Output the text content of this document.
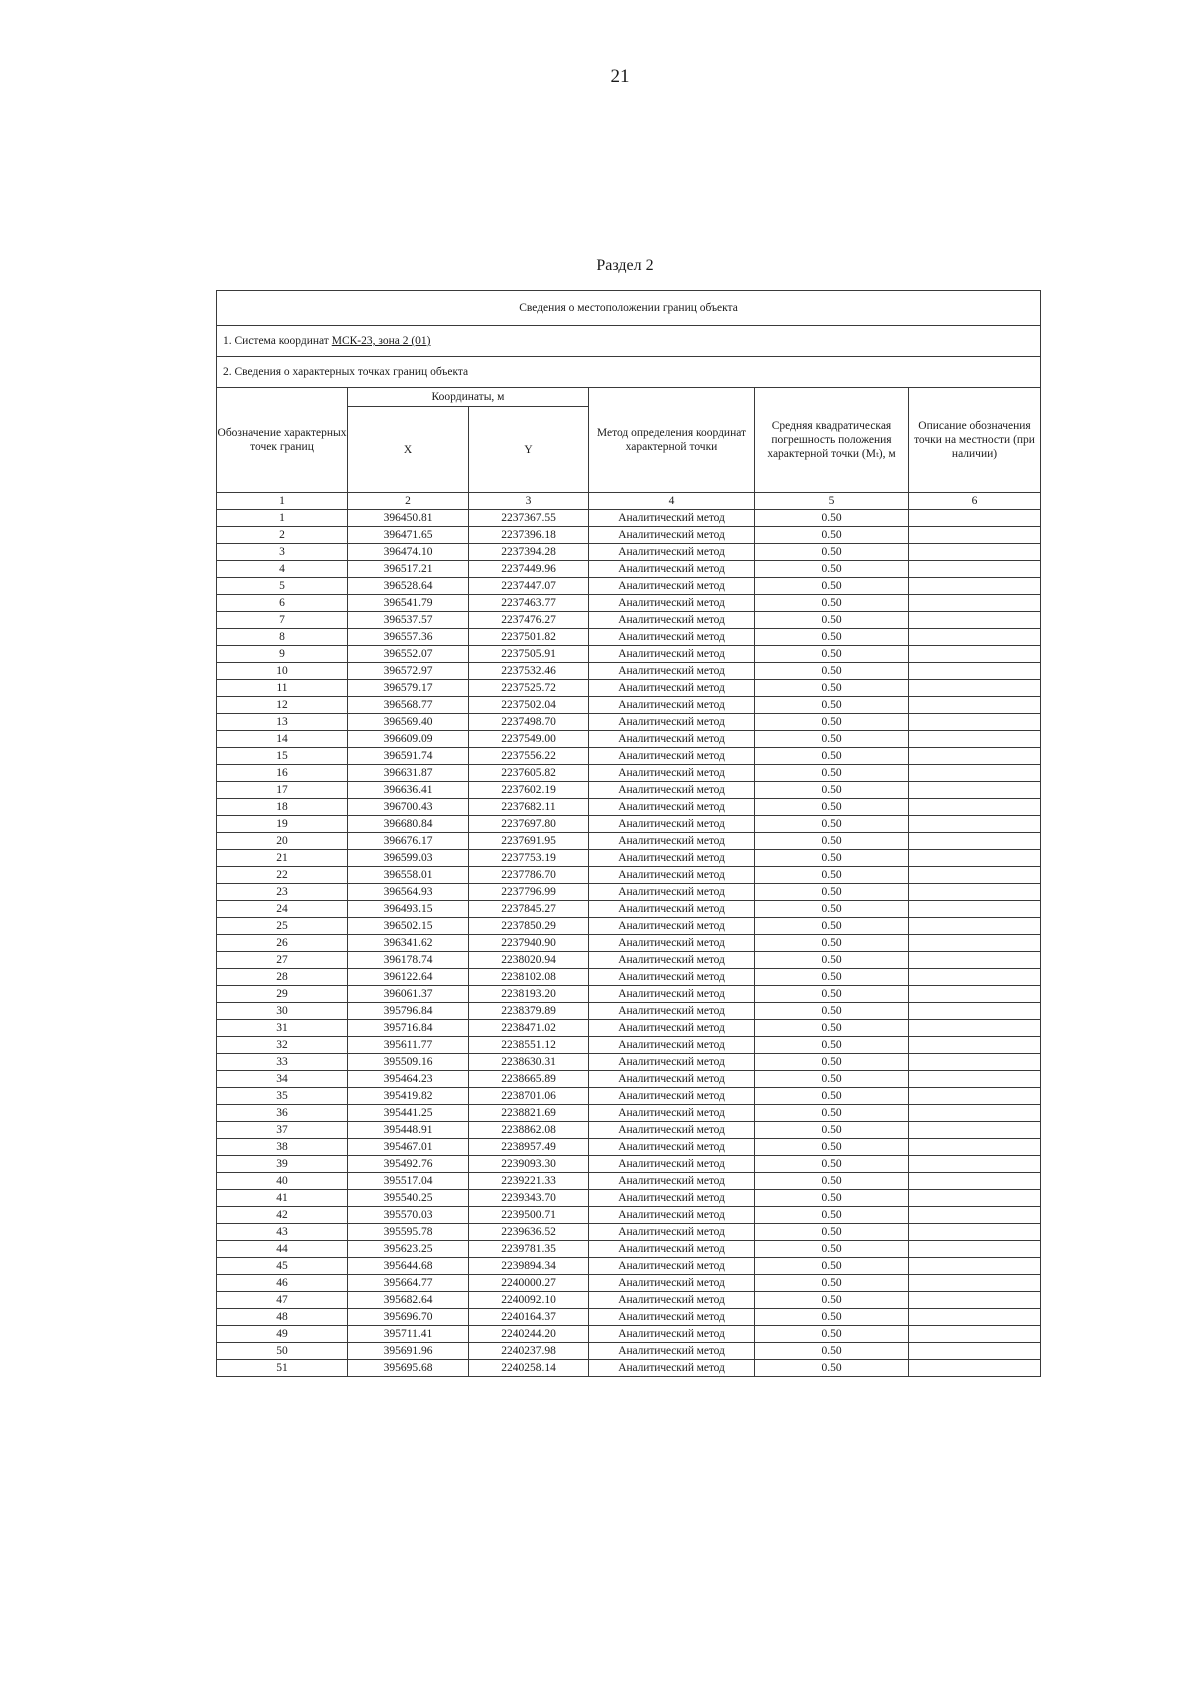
21
Раздел 2
Сведения о местоположении границ объекта					
1. Система координат МСК-23, зона 2 (01)					
2. Сведения о характерных точках границ объекта					
Обозначение характерных точек границ	Координаты, м		Метод определения координат характерной точки	Средняя квадратическая погрешность положения характерной точки (Mₜ), м	Описание обозначения точки на местности (при наличии)
	X	Y			
1	2	3	4	5	6
1	396450.81	2237367.55	Аналитический метод	0.50	
2	396471.65	2237396.18	Аналитический метод	0.50	
3	396474.10	2237394.28	Аналитический метод	0.50	
4	396517.21	2237449.96	Аналитический метод	0.50	
5	396528.64	2237447.07	Аналитический метод	0.50	
6	396541.79	2237463.77	Аналитический метод	0.50	
7	396537.57	2237476.27	Аналитический метод	0.50	
8	396557.36	2237501.82	Аналитический метод	0.50	
9	396552.07	2237505.91	Аналитический метод	0.50	
10	396572.97	2237532.46	Аналитический метод	0.50	
11	396579.17	2237525.72	Аналитический метод	0.50	
12	396568.77	2237502.04	Аналитический метод	0.50	
13	396569.40	2237498.70	Аналитический метод	0.50	
14	396609.09	2237549.00	Аналитический метод	0.50	
15	396591.74	2237556.22	Аналитический метод	0.50	
16	396631.87	2237605.82	Аналитический метод	0.50	
17	396636.41	2237602.19	Аналитический метод	0.50	
18	396700.43	2237682.11	Аналитический метод	0.50	
19	396680.84	2237697.80	Аналитический метод	0.50	
20	396676.17	2237691.95	Аналитический метод	0.50	
21	396599.03	2237753.19	Аналитический метод	0.50	
22	396558.01	2237786.70	Аналитический метод	0.50	
23	396564.93	2237796.99	Аналитический метод	0.50	
24	396493.15	2237845.27	Аналитический метод	0.50	
25	396502.15	2237850.29	Аналитический метод	0.50	
26	396341.62	2237940.90	Аналитический метод	0.50	
27	396178.74	2238020.94	Аналитический метод	0.50	
28	396122.64	2238102.08	Аналитический метод	0.50	
29	396061.37	2238193.20	Аналитический метод	0.50	
30	395796.84	2238379.89	Аналитический метод	0.50	
31	395716.84	2238471.02	Аналитический метод	0.50	
32	395611.77	2238551.12	Аналитический метод	0.50	
33	395509.16	2238630.31	Аналитический метод	0.50	
34	395464.23	2238665.89	Аналитический метод	0.50	
35	395419.82	2238701.06	Аналитический метод	0.50	
36	395441.25	2238821.69	Аналитический метод	0.50	
37	395448.91	2238862.08	Аналитический метод	0.50	
38	395467.01	2238957.49	Аналитический метод	0.50	
39	395492.76	2239093.30	Аналитический метод	0.50	
40	395517.04	2239221.33	Аналитический метод	0.50	
41	395540.25	2239343.70	Аналитический метод	0.50	
42	395570.03	2239500.71	Аналитический метод	0.50	
43	395595.78	2239636.52	Аналитический метод	0.50	
44	395623.25	2239781.35	Аналитический метод	0.50	
45	395644.68	2239894.34	Аналитический метод	0.50	
46	395664.77	2240000.27	Аналитический метод	0.50	
47	395682.64	2240092.10	Аналитический метод	0.50	
48	395696.70	2240164.37	Аналитический метод	0.50	
49	395711.41	2240244.20	Аналитический метод	0.50	
50	395691.96	2240237.98	Аналитический метод	0.50	
51	395695.68	2240258.14	Аналитический метод	0.50	
